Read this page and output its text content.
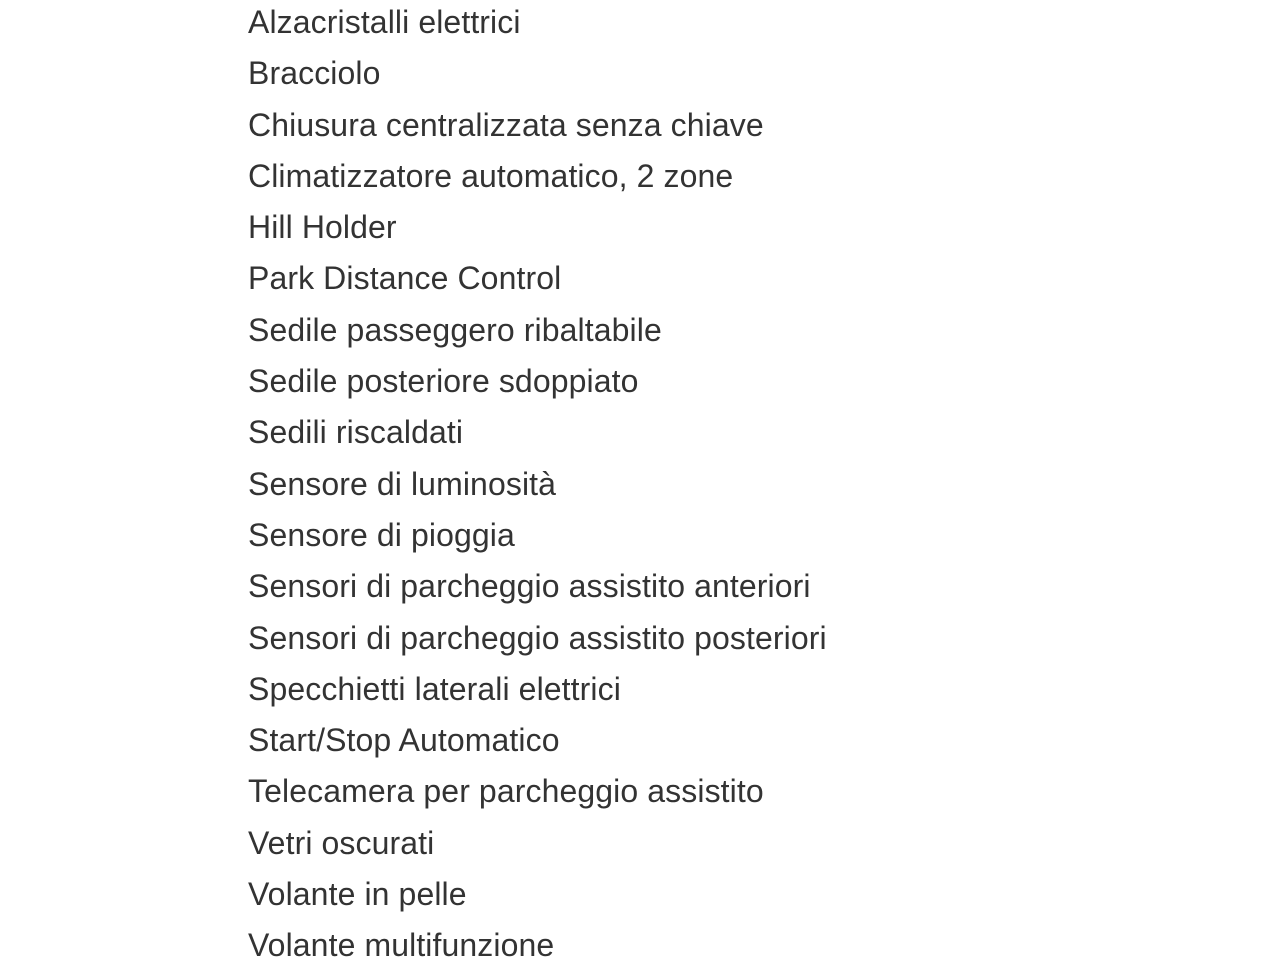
Alzacristalli elettrici
Bracciolo
Chiusura centralizzata senza chiave
Climatizzatore automatico, 2 zone
Hill Holder
Park Distance Control
Sedile passeggero ribaltabile
Sedile posteriore sdoppiato
Sedili riscaldati
Sensore di luminosità
Sensore di pioggia
Sensori di parcheggio assistito anteriori
Sensori di parcheggio assistito posteriori
Specchietti laterali elettrici
Start/Stop Automatico
Telecamera per parcheggio assistito
Vetri oscurati
Volante in pelle
Volante multifunzione
